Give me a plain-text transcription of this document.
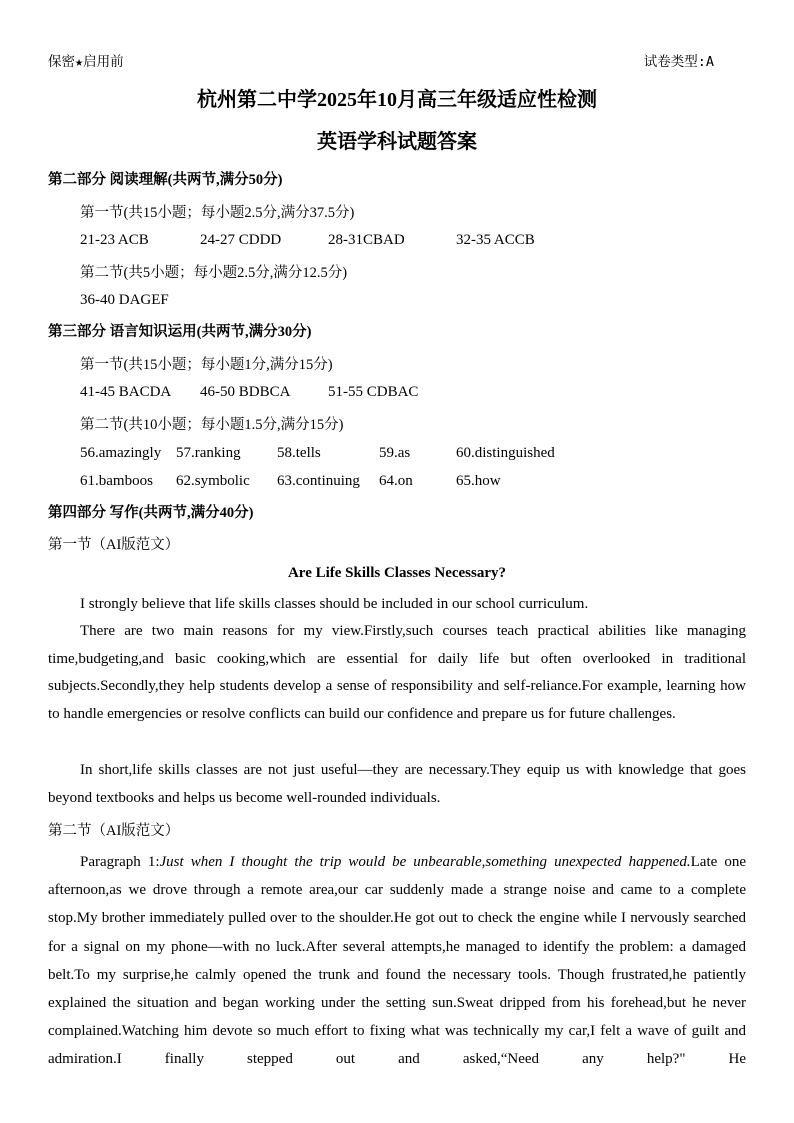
保密★启用前	试卷类型:A
杭州第二中学2025年10月高三年级适应性检测
英语学科试题答案
第二部分 阅读理解(共两节,满分50分)
第一节(共15小题；每小题2.5分,满分37.5分)
21-23 ACB	24-27 CDDD	28-31CBAD	32-35 ACCB
第二节(共5小题；每小题2.5分,满分12.5分)
36-40 DAGEF
第三部分 语言知识运用(共两节,满分30分)
第一节(共15小题；每小题1分,满分15分)
41-45 BACDA 46-50 BDBCA	51-55 CDBAC
第二节(共10小题；每小题1.5分,满分15分)
56.amazingly 57.ranking 58.tells	59.as	60.distinguished
61.bamboos 62.symbolic 63.continuing 64.on	65.how
第四部分 写作(共两节,满分40分)
第一节（AI版范文）
Are Life Skills Classes Necessary?
I strongly believe that life skills classes should be included in our school curriculum.
There are two main reasons for my view.Firstly,such courses teach practical abilities like managing time,budgeting,and basic cooking,which are essential for daily life but often overlooked in traditional subjects.Secondly,they help students develop a sense of responsibility and self-reliance.For example, learning how to handle emergencies or resolve conflicts can build our confidence and prepare us for future challenges.
In short,life skills classes are not just useful—they are necessary.They equip us with knowledge that goes beyond textbooks and helps us become well-rounded individuals.
第二节（AI版范文）
Paragraph 1:Just when I thought the trip would be unbearable,something unexpected happened.Late one afternoon,as we drove through a remote area,our car suddenly made a strange noise and came to a complete stop.My brother immediately pulled over to the shoulder.He got out to check the engine while I nervously searched for a signal on my phone—with no luck.After several attempts,he managed to identify the problem: a damaged belt.To my surprise,he calmly opened the trunk and found the necessary tools. Though frustrated,he patiently explained the situation and began working under the setting sun.Sweat dripped from his forehead,but he never complained.Watching him devote so much effort to fixing what was technically my car,I felt a wave of guilt and admiration.I finally stepped out and asked,“Need any help?" He
